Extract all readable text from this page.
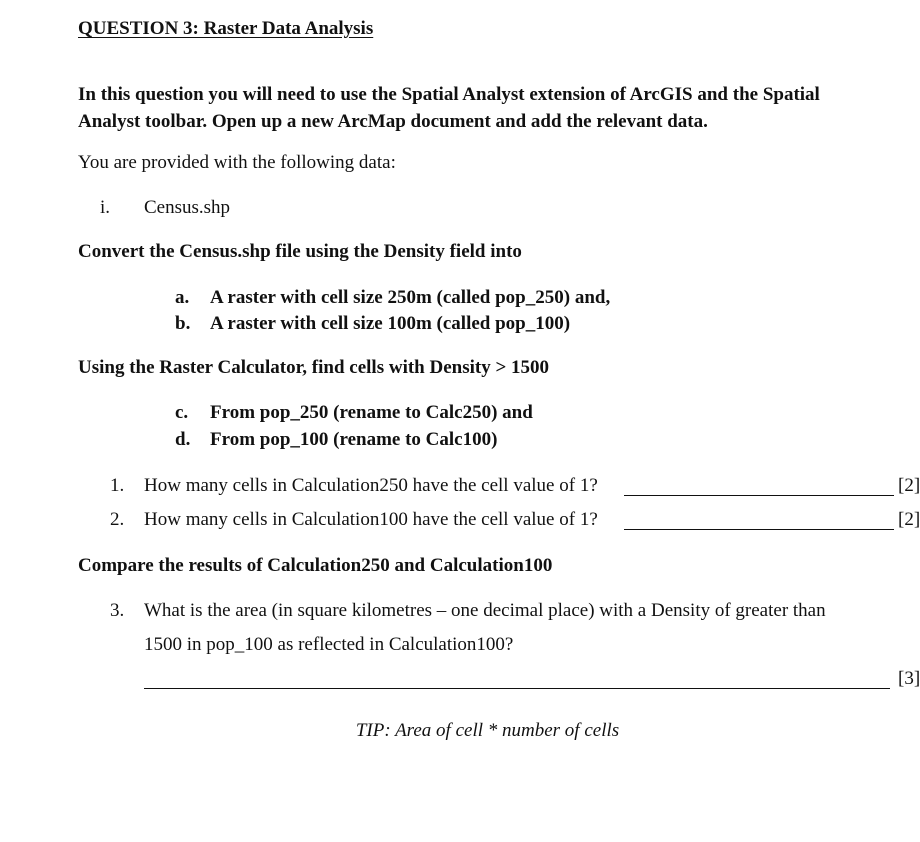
QUESTION 3: Raster Data Analysis
In this question you will need to use the Spatial Analyst extension of ArcGIS and the Spatial Analyst toolbar. Open up a new ArcMap document and add the relevant data.
You are provided with the following data:
i. Census.shp
Convert the Census.shp file using the Density field into
a. A raster with cell size 250m (called pop_250) and,
b. A raster with cell size 100m (called pop_100)
Using the Raster Calculator, find cells with Density > 1500
c. From pop_250 (rename to Calc250) and
d. From pop_100 (rename to Calc100)
1. How many cells in Calculation250 have the cell value of 1?	[2]
2. How many cells in Calculation100 have the cell value of 1?	[2]
Compare the results of Calculation250 and Calculation100
3. What is the area (in square kilometres – one decimal place) with a Density of greater than
1500 in pop_100 as reflected in Calculation100?
[3]
TIP: Area of cell * number of cells
